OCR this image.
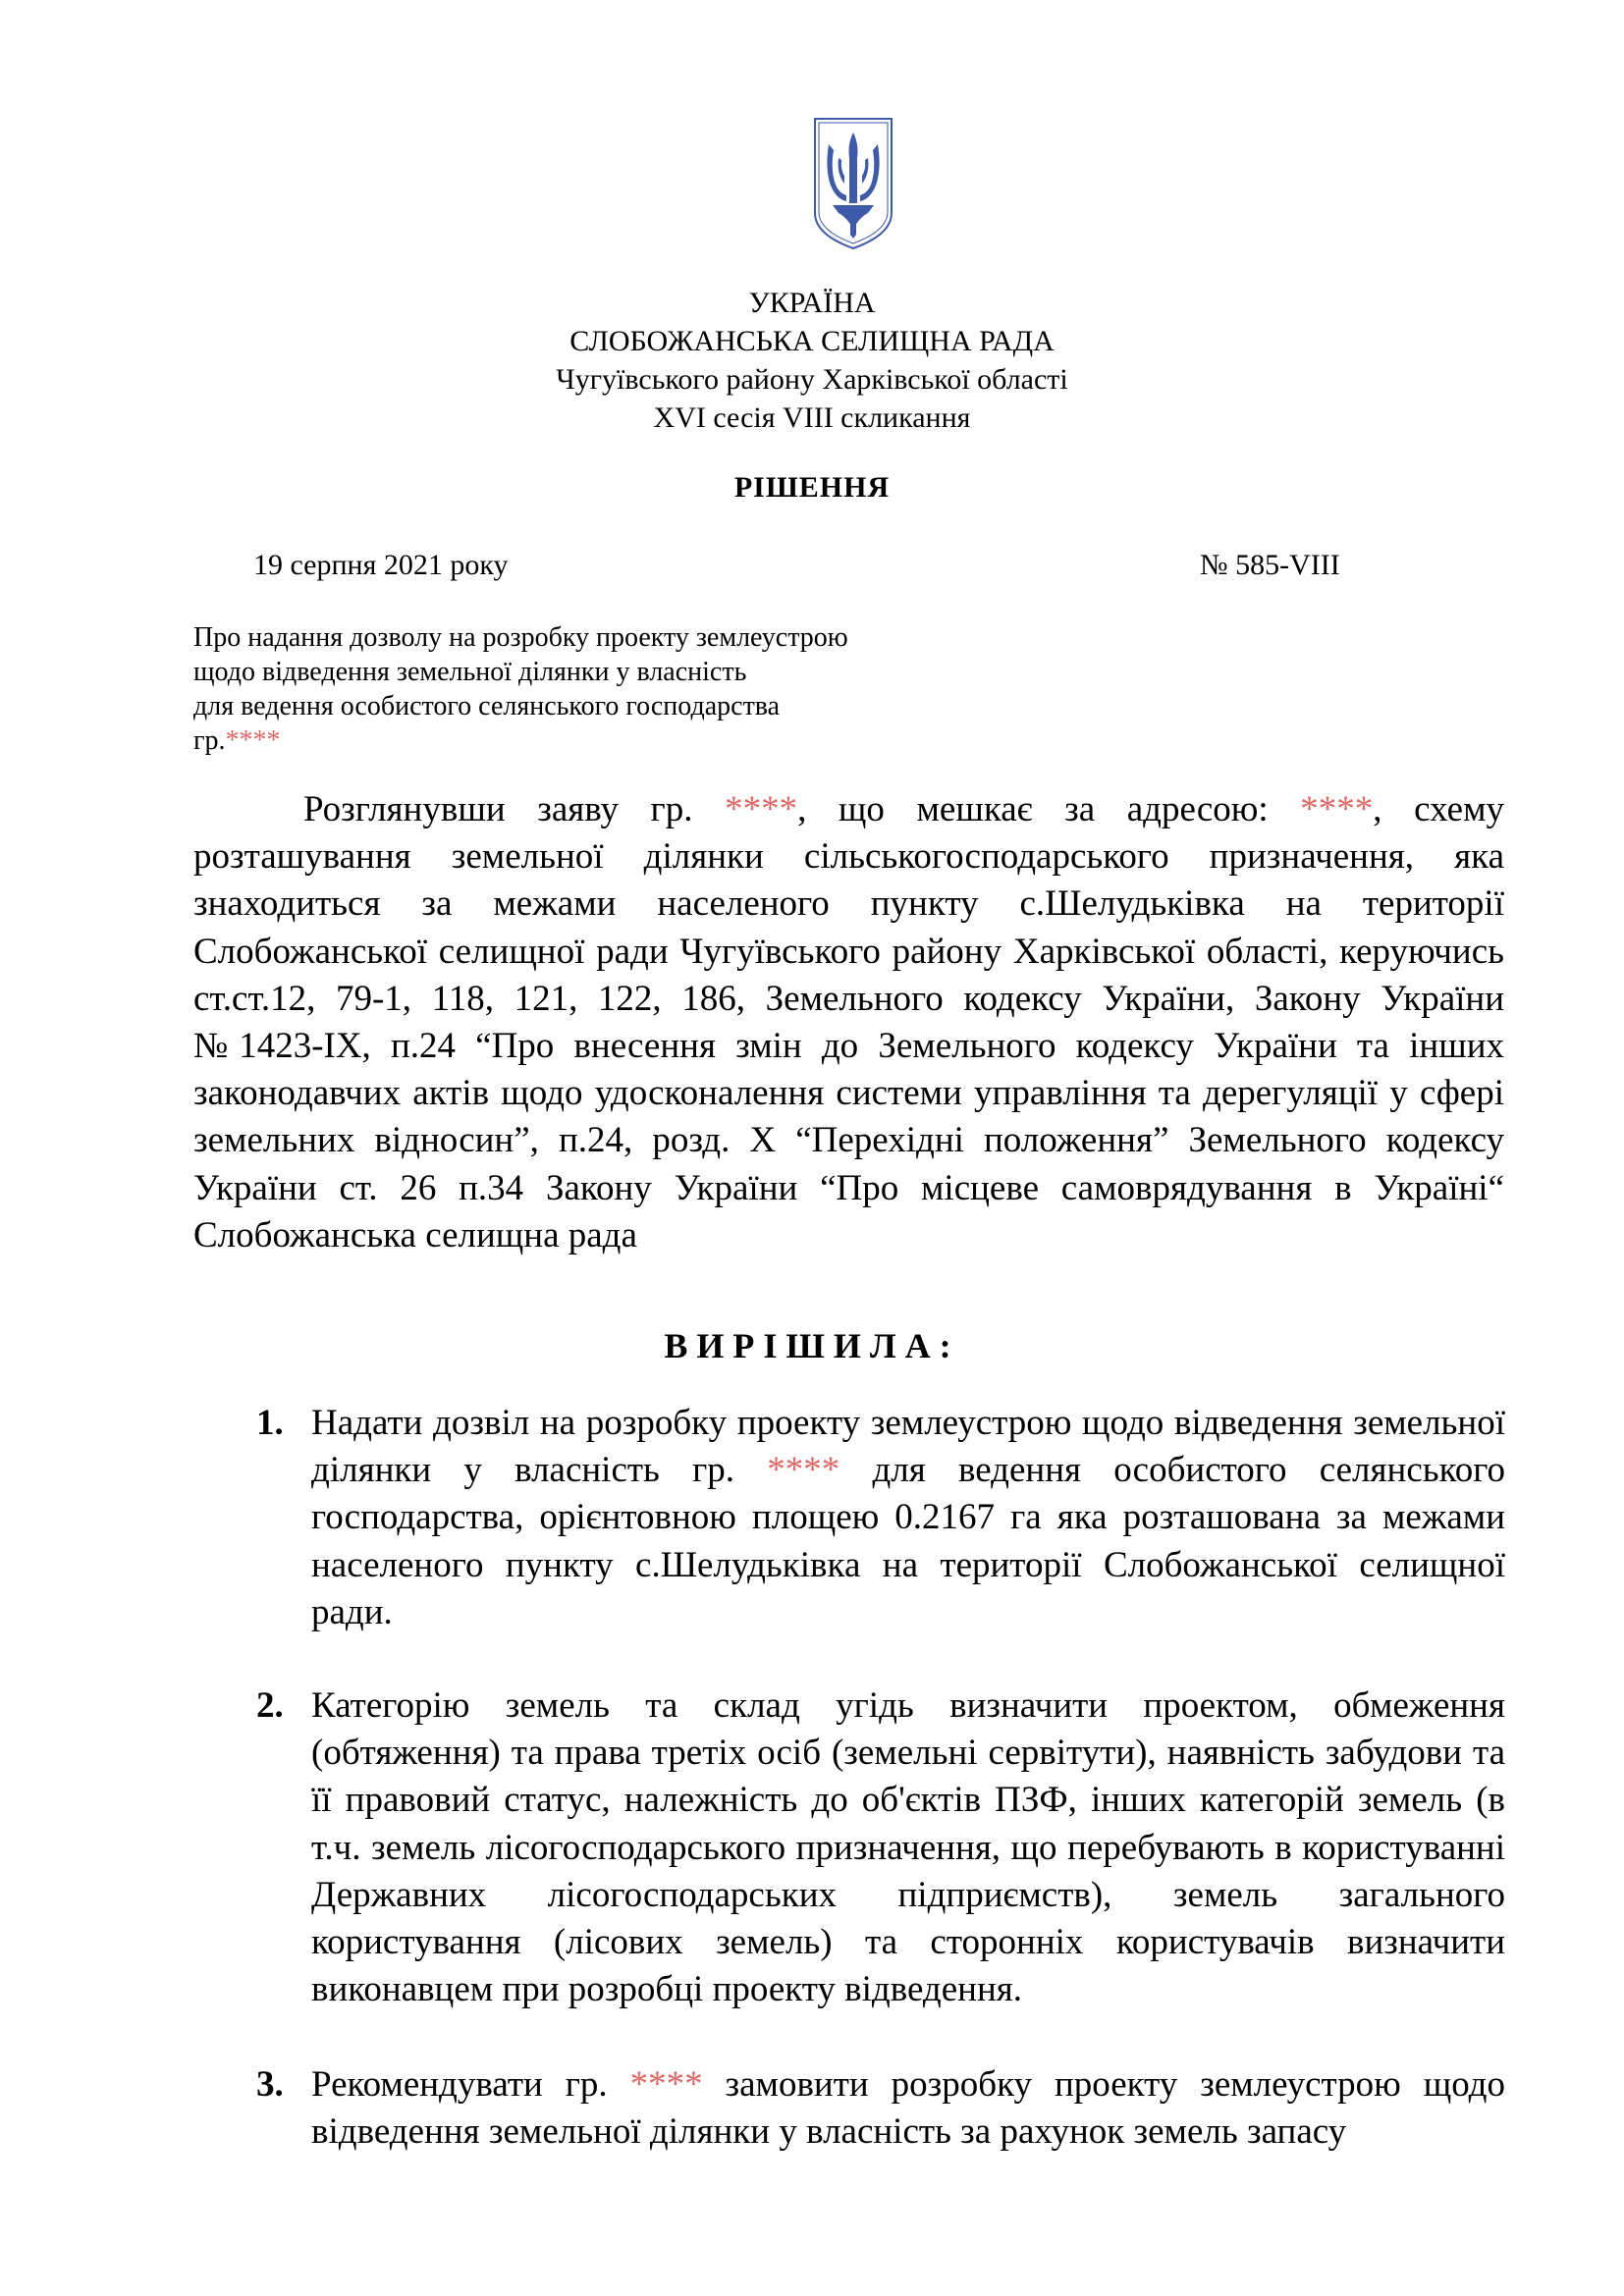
УКРАЇНА
СЛОБОЖАНСЬКА СЕЛИЩНА РАДА
Чугуївського району Харківської області
XVI сесія VIII скликання
РІШЕННЯ
19 серпня 2021 року	№ 585-VIII
Про надання дозволу на розробку проекту землеустрою
щодо відведення земельної ділянки у власність
для ведення особистого селянського господарства
гр.****

Розглянувши заяву гр. ****, що мешкає за адресою: ****, схему розташування земельної ділянки сільськогосподарського призначення, яка знаходиться за межами населеного пункту с.Шелудьківка на території Слобожанської селищної ради Чугуївського району Харківської області, керуючись ст.ст.12, 79-1, 118, 121, 122, 186, Земельного кодексу України, Закону України №1423-IX, п.24 “Про внесення змін до Земельного кодексу України та інших законодавчих актів щодо удосконалення системи управління та дерегуляції у сфері земельних відносин”, п.24, розд. X “Перехідні положення” Земельного кодексу України ст. 26 п.34 Закону України “Про місцеве самоврядування в Україні“ Слобожанська селищна рада

ВИРІШИЛА:
1. Надати дозвіл на розробку проекту землеустрою щодо відведення земельної ділянки у власність гр. **** для ведення особистого селянського господарства, орієнтовною площею 0.2167 га яка розташована за межами населеного пункту с.Шелудьківка на території Слобожанської селищної ради.
2. Категорію земель та склад угідь визначити проектом, обмеження (обтяження) та права третіх осіб (земельні сервітути), наявність забудови та її правовий статус, належність до об'єктів ПЗФ, інших категорій земель (в т.ч. земель лісогосподарського призначення, що перебувають в користуванні Державних лісогосподарських підприємств), земель загального користування (лісових земель) та сторонніх користувачів визначити виконавцем при розробці проекту відведення.
3. Рекомендувати гр. **** замовити розробку проекту землеустрою щодо відведення земельної ділянки у власність за рахунок земель запасу
